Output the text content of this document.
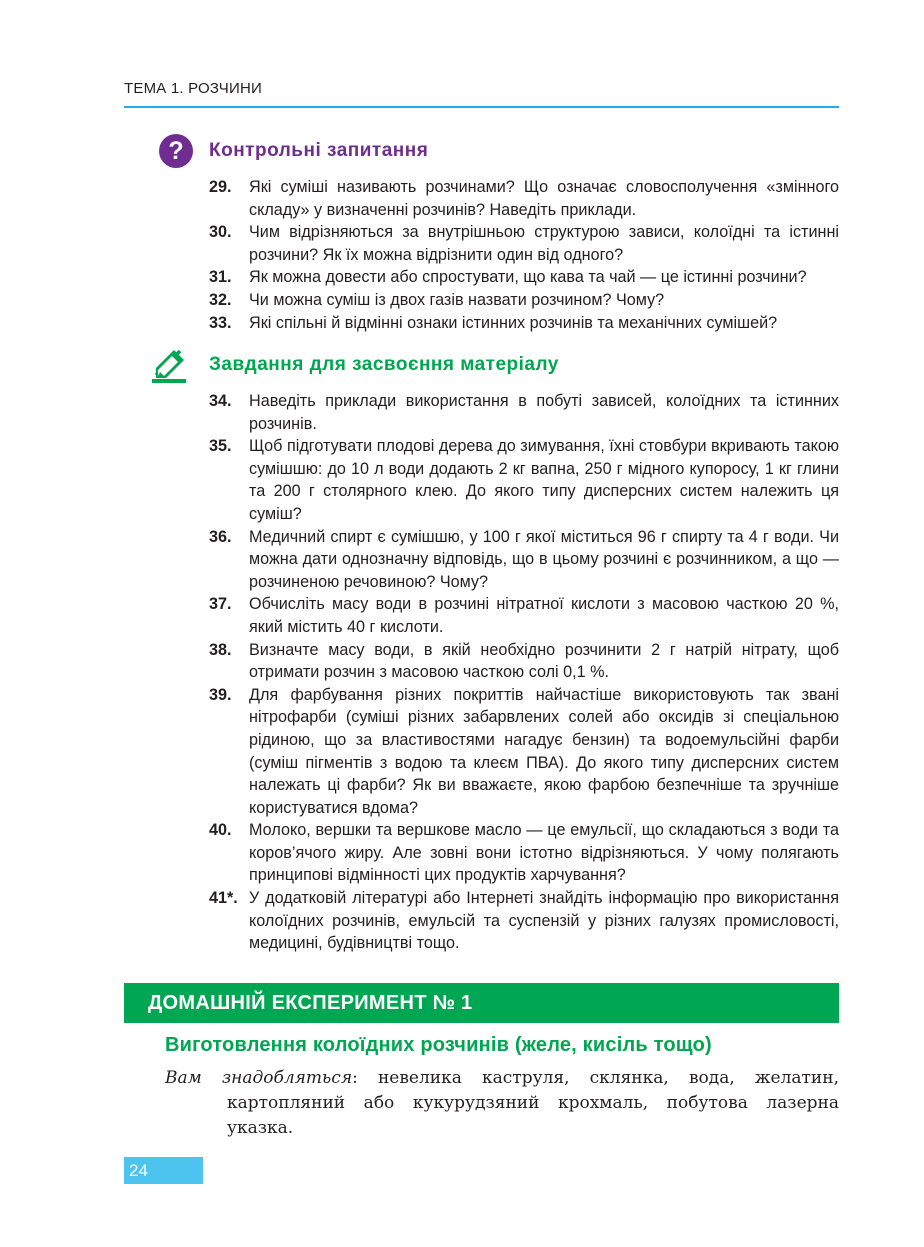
ТЕМА 1. РОЗЧИНИ
?	Контрольні запитання
29.	Які суміші називають розчинами? Що означає словосполучення «змінного складу» у визначенні розчинів? Наведіть приклади.
30.	Чим відрізняються за внутрішньою структурою зависи, колоїдні та істинні розчини? Як їх можна відрізнити один від одного?
31.	Як можна довести або спростувати, що кава та чай — це істинні розчини?
32.	Чи можна суміш із двох газів назвати розчином? Чому?
33.	Які спільні й відмінні ознаки істинних розчинів та механічних сумішей?
Завдання для засвоєння матеріалу
34.	Наведіть приклади використання в побуті зависей, колоїдних та істинних розчинів.
35.	Щоб підготувати плодові дерева до зимування, їхні стовбури вкривають такою сумішшю: до 10 л води додають 2 кг вапна, 250 г мідного купоросу, 1 кг глини та 200 г столярного клею. До якого типу дисперсних систем належить ця суміш?
36.	Медичний спирт є сумішшю, у 100 г якої міститься 96 г спирту та 4 г води. Чи можна дати однозначну відповідь, що в цьому розчині є розчинником, а що — розчиненою речовиною? Чому?
37.	Обчисліть масу води в розчині нітратної кислоти з масовою часткою 20 %, який містить 40 г кислоти.
38.	Визначте масу води, в якій необхідно розчинити 2 г натрій нітрату, щоб отримати розчин з масовою часткою солі 0,1 %.
39.	Для фарбування різних покриттів найчастіше використовують так звані нітрофарби (суміші різних забарвлених солей або оксидів зі спеціальною рідиною, що за властивостями нагадує бензин) та водоемульсійні фарби (суміш пігментів з водою та клеєм ПВА). До якого типу дисперсних систем належать ці фарби? Як ви вважаєте, якою фарбою безпечніше та зручніше користуватися вдома?
40.	Молоко, вершки та вершкове масло — це емульсії, що складаються з води та коров’ячого жиру. Але зовні вони істотно відрізняються. У чому полягають принципові відмінності цих продуктів харчування?
41*. У додатковій літературі або Інтернеті знайдіть інформацію про використання колоїдних розчинів, емульсій та суспензій у різних галузях промисловості, медицині, будівництві тощо.
ДОМАШНІЙ ЕКСПЕРИМЕНТ № 1
Виготовлення колоїдних розчинів (желе, кисіль тощо)
Вам знадобляться: невелика каструля, склянка, вода, желатин, картопляний або кукурудзяний крохмаль, побутова лазерна указка.
24
